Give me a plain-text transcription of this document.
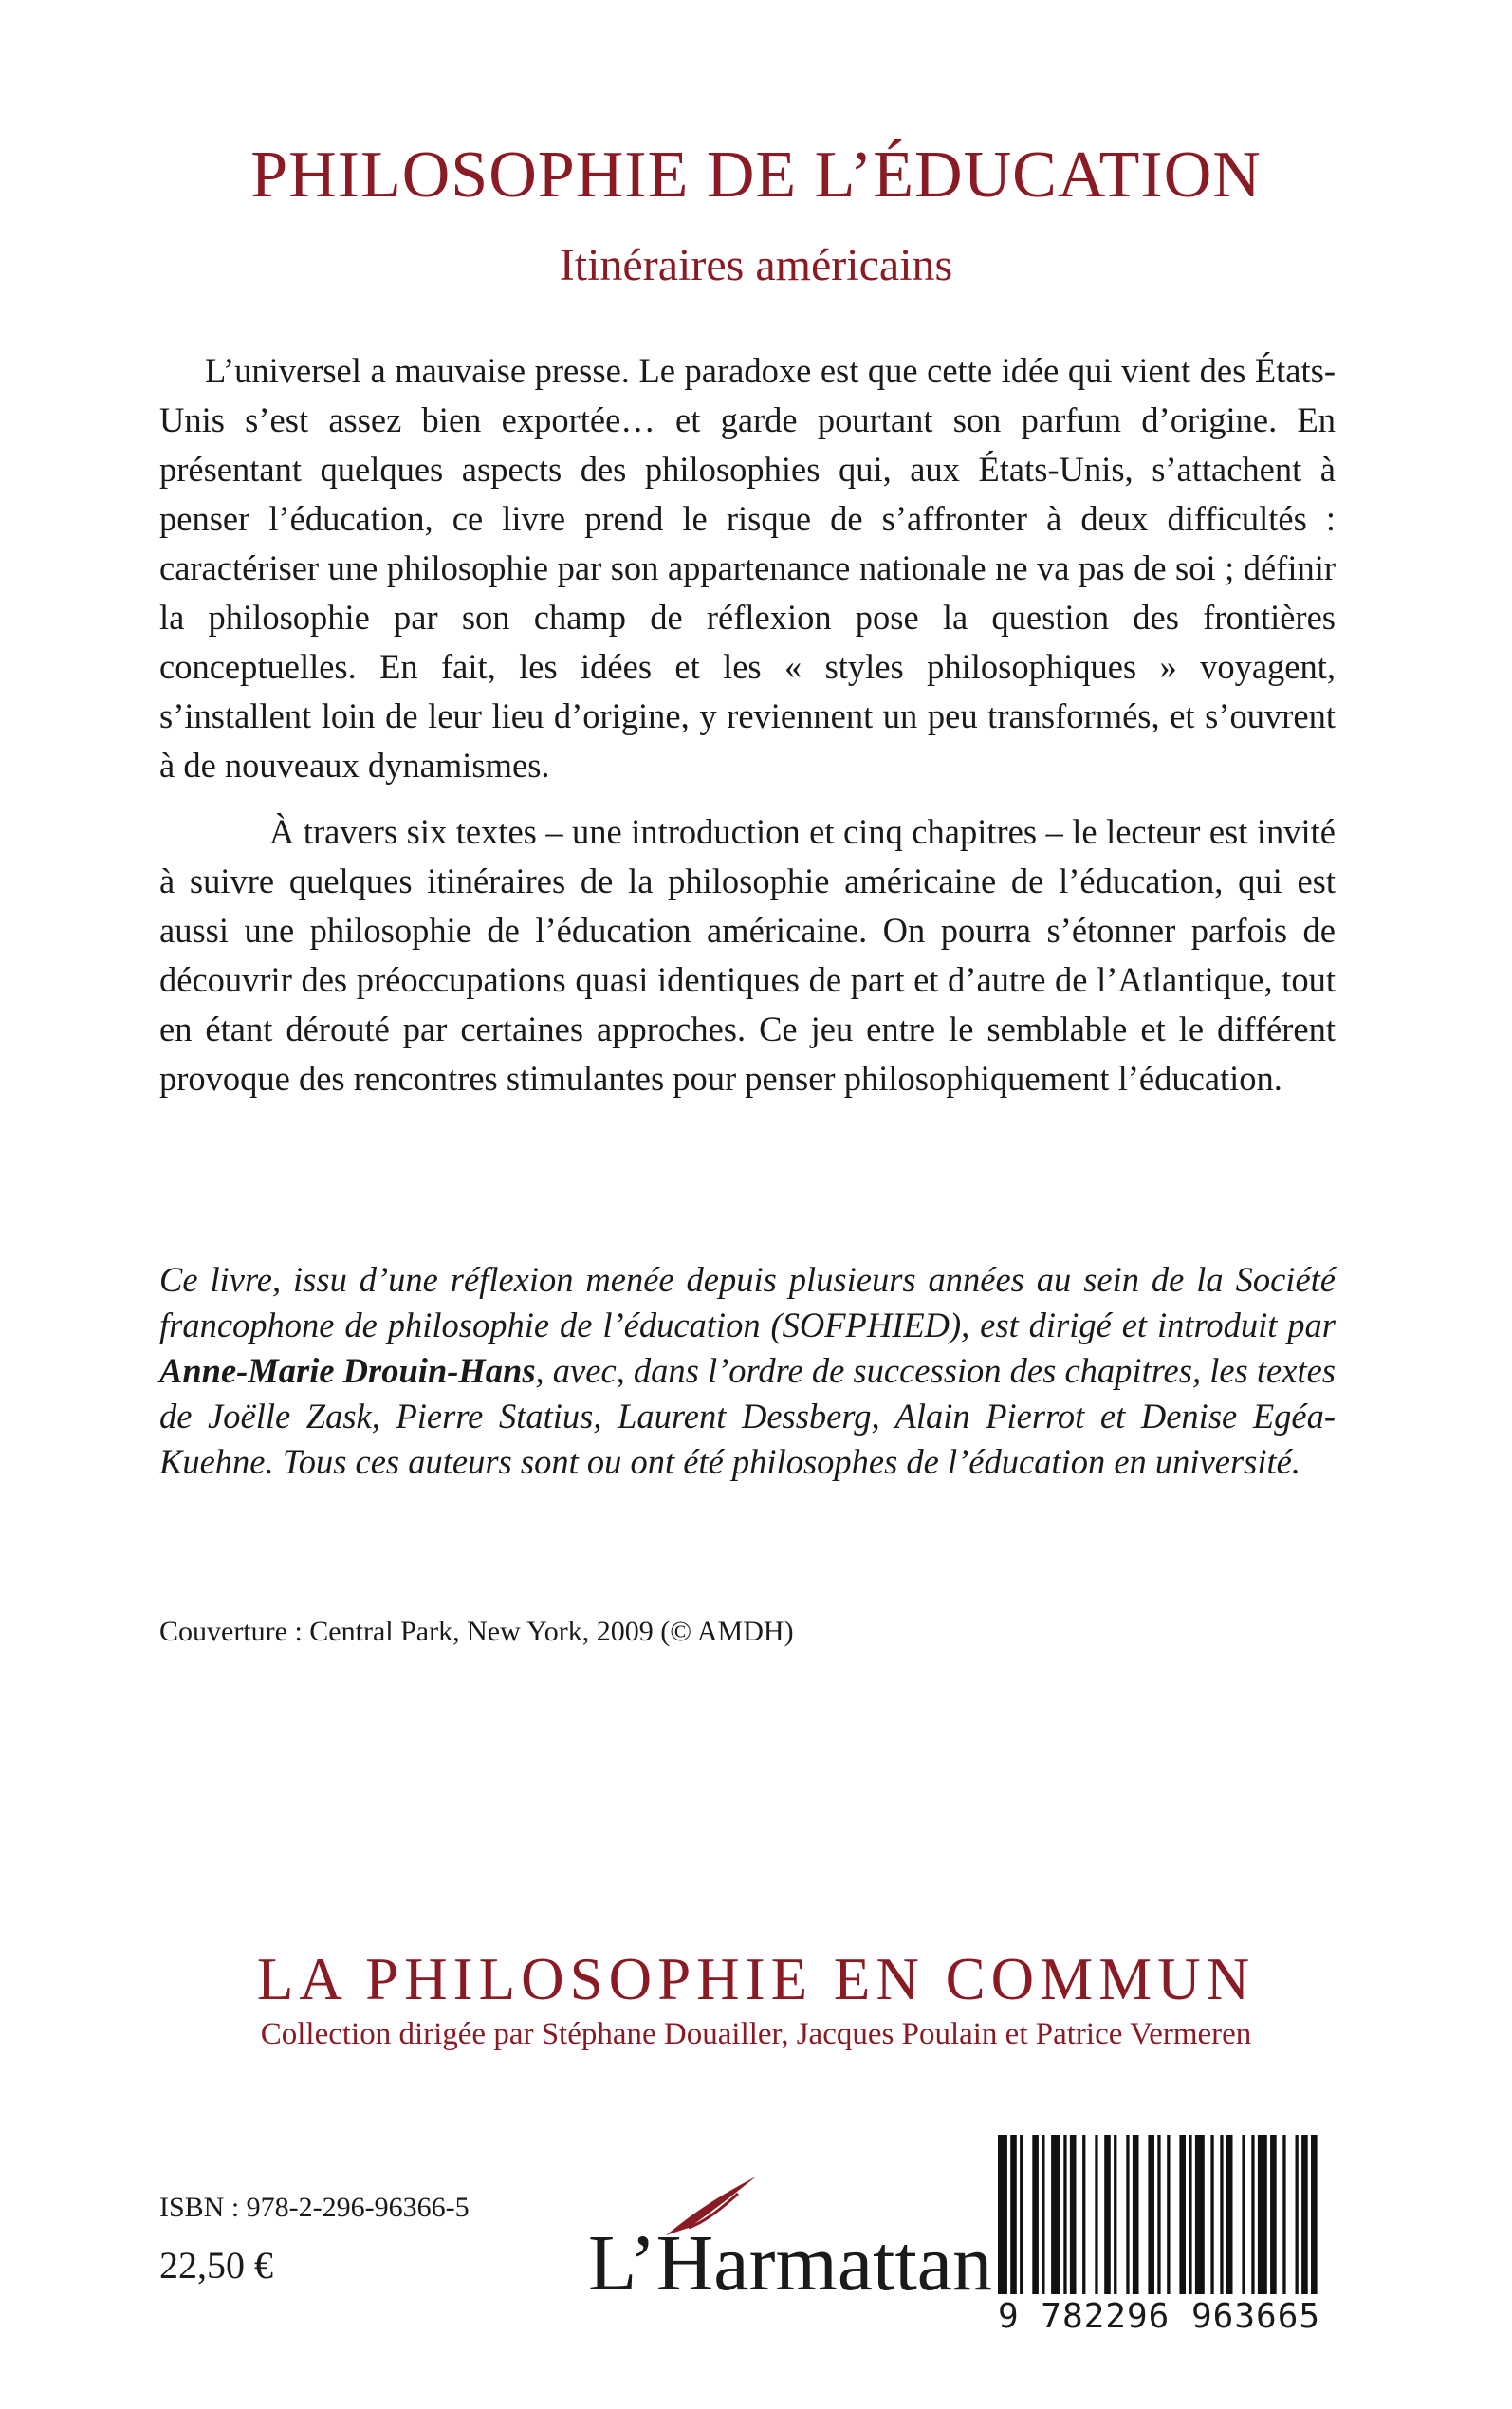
PHILOSOPHIE DE L’ÉDUCATION
Itinéraires américains

L’universel a mauvaise presse. Le paradoxe est que cette idée qui vient des États-Unis s’est assez bien exportée… et garde pourtant son parfum d’origine. En présentant quelques aspects des philosophies qui, aux États-Unis, s’attachent à penser l’éducation, ce livre prend le risque de s’affronter à deux difficultés : caractériser une philosophie par son appartenance nationale ne va pas de soi ; définir la philosophie par son champ de réflexion pose la question des frontières conceptuelles. En fait, les idées et les « styles philosophiques » voyagent, s’installent loin de leur lieu d’origine, y reviennent un peu transformés, et s’ouvrent à de nouveaux dynamismes.

À travers six textes – une introduction et cinq chapitres – le lecteur est invité à suivre quelques itinéraires de la philosophie américaine de l’éducation, qui est aussi une philosophie de l’éducation américaine. On pourra s’étonner parfois de découvrir des préoccupations quasi identiques de part et d’autre de l’Atlantique, tout en étant dérouté par certaines approches. Ce jeu entre le semblable et le différent provoque des rencontres stimulantes pour penser philosophiquement l’éducation.

Ce livre, issu d’une réflexion menée depuis plusieurs années au sein de la Société francophone de philosophie de l’éducation (SOFPHIED), est dirigé et introduit par Anne-Marie Drouin-Hans, avec, dans l’ordre de succession des chapitres, les textes de Joëlle Zask, Pierre Statius, Laurent Dessberg, Alain Pierrot et Denise Egéa-Kuehne. Tous ces auteurs sont ou ont été philosophes de l’éducation en université.
Couverture : Central Park, New York, 2009 (© AMDH)
LA PHILOSOPHIE EN COMMUN
Collection dirigée par Stéphane Douailler, Jacques Poulain et Patrice Vermeren
ISBN : 978-2-296-96366-5
22,50 €	L’Harmattan
9 782296 963665
